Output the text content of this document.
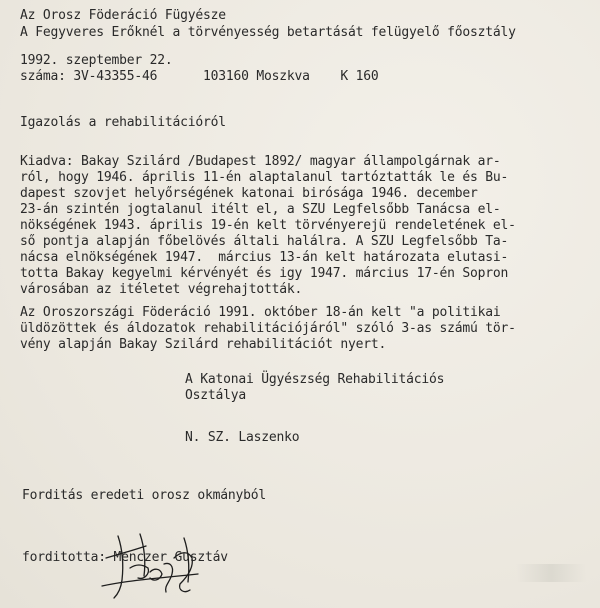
Az Orosz Föderáció Fügyésze
A Fegyveres Erőknél a törvényesség betartását felügyelő főosztály
1992. szeptember 22.
száma: 3V-43355-46      103160 Moszkva    K 160
Igazolás a rehabilitációról
Kiadva: Bakay Szilárd /Budapest 1892/ magyar állampolgárnak ar-
ról, hogy 1946. április 11-én alaptalanul tartóztatták le és Bu-
dapest szovjet helyőrségének katonai birósága 1946. december
23-án szintén jogtalanul itélt el, a SZU Legfelsőbb Tanácsa el-
nökségének 1943. április 19-én kelt törvényerejü rendeletének el-
ső pontja alapján főbelövés általi halálra. A SZU Legfelsőbb Ta-
nácsa elnökségének 1947.  március 13-án kelt határozata elutasi-
totta Bakay kegyelmi kérvényét és igy 1947. március 17-én Sopron
városában az itéletet végrehajtották.
Az Oroszországi Föderáció 1991. október 18-án kelt "a politikai
üldözöttek és áldozatok rehabilitációjáról" szóló 3-as számú tör-
vény alapján Bakay Szilárd rehabilitációt nyert.
A Katonai Ügyészség Rehabilitációs
Osztálya
N. SZ. Laszenko
Forditás eredeti orosz okmányból
forditotta: Menczer Gusztáv
